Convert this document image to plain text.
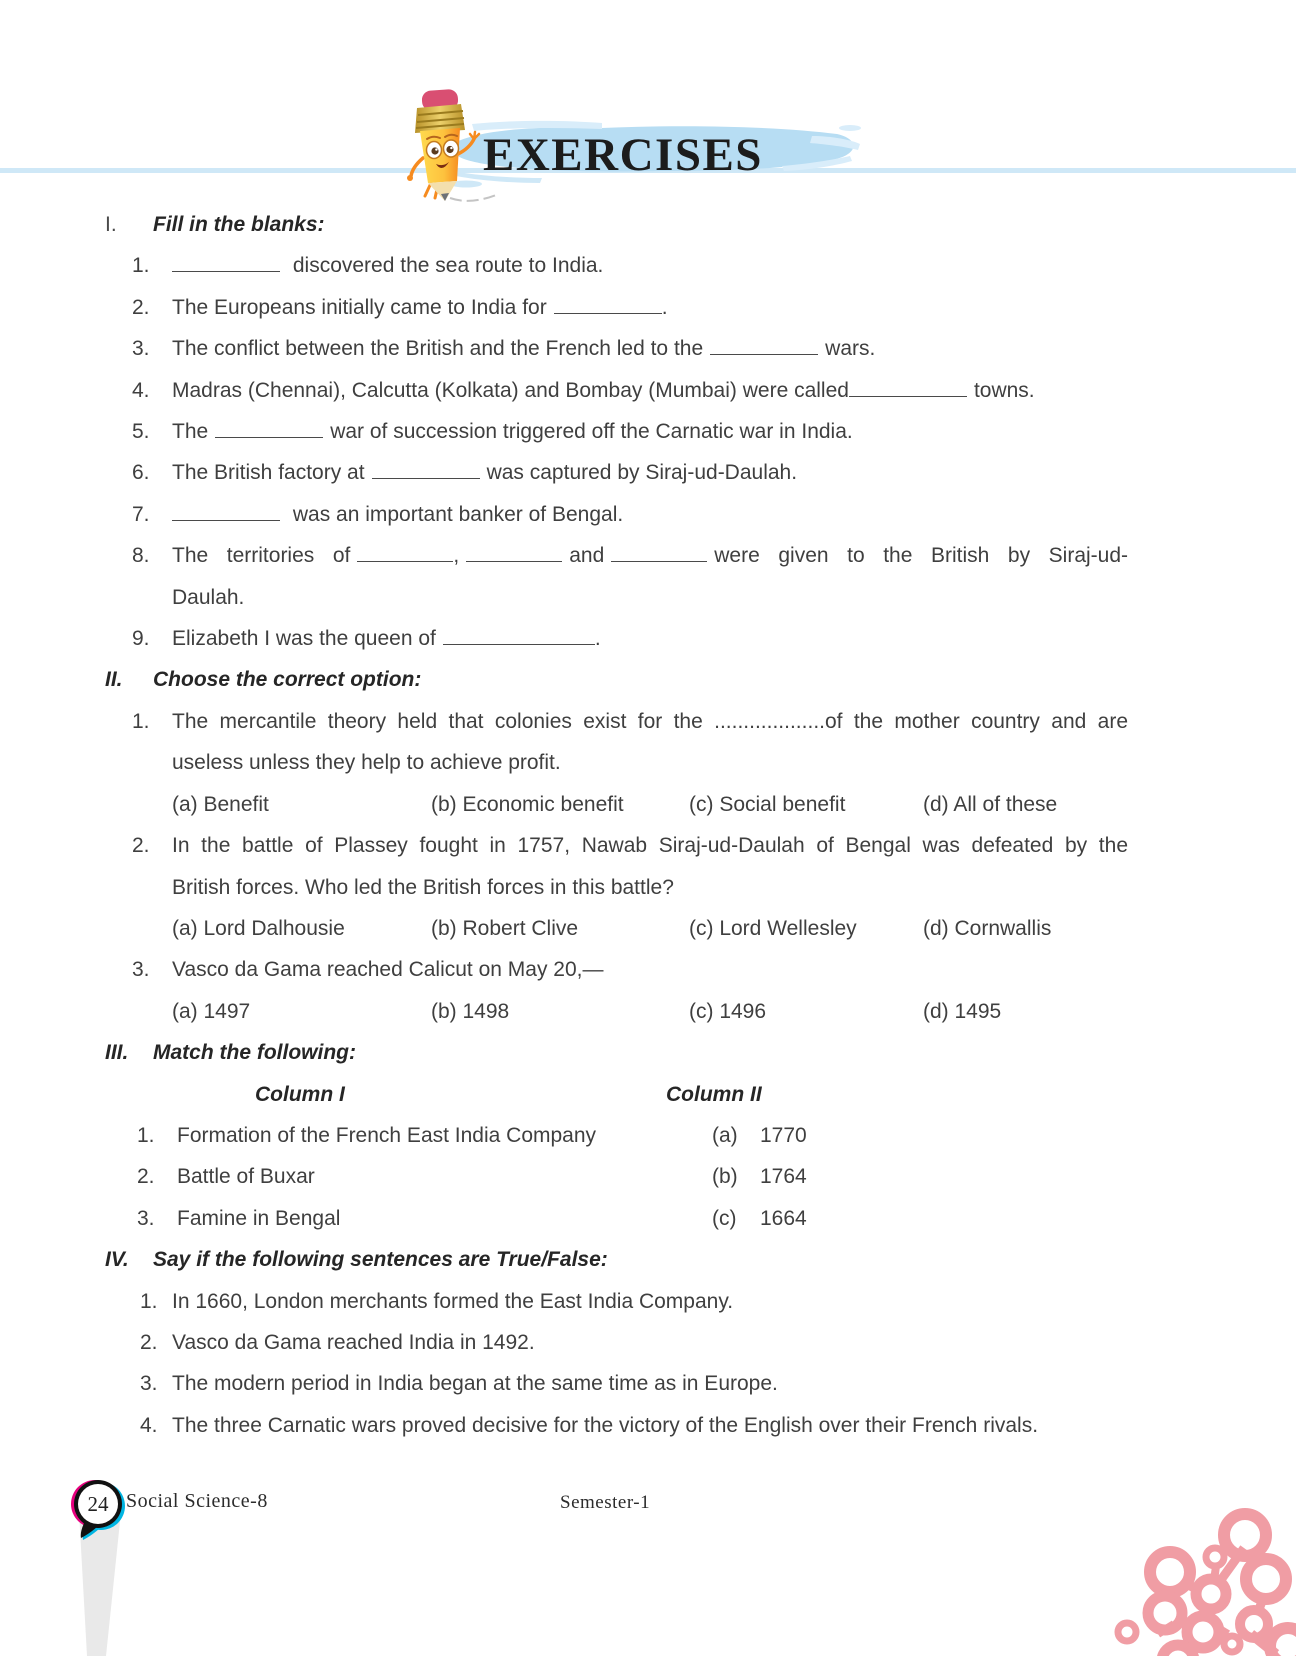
EXERCISES
I.	Fill in the blanks:
1.	discovered the sea route to India.
2.	The Europeans initially came to India for	.
3.	The conflict between the British and the French led to the	wars.
4.	Madras (Chennai), Calcutta (Kolkata) and Bombay (Mumbai) were called	towns.
5.	The	war of succession triggered off the Carnatic war in India.
6.	The British factory at	was captured by Siraj-ud-Daulah.
7.	was an important banker of Bengal.
8.	The territories of	,	and	were given to the British by Siraj-ud-
Daulah.
9.	Elizabeth I was the queen of	.
II.	Choose the correct option:
1.	The mercantile theory held that colonies exist for the ...................of the mother country and are
useless unless they help to achieve profit.
(a) Benefit	(b) Economic benefit	(c) Social benefit	(d) All of these
2.	In the battle of Plassey fought in 1757, Nawab Siraj-ud-Daulah of Bengal was defeated by the
British forces. Who led the British forces in this battle?
(a) Lord Dalhousie	(b) Robert Clive	(c) Lord Wellesley	(d) Cornwallis
3.	Vasco da Gama reached Calicut on May 20,—
(a) 1497	(b) 1498	(c) 1496	(d) 1495
III.	Match the following:
Column I	Column II
1.	Formation of the French East India Company	(a)	1770
2.	Battle of Buxar	(b)	1764
3.	Famine in Bengal	(c)	1664
IV.	Say if the following sentences are True/False:
1. In 1660, London merchants formed the East India Company.
2. Vasco da Gama reached India in 1492.
3. The modern period in India began at the same time as in Europe.
4. The three Carnatic wars proved decisive for the victory of the English over their French rivals.
24 Social Science-8	Semester-1
